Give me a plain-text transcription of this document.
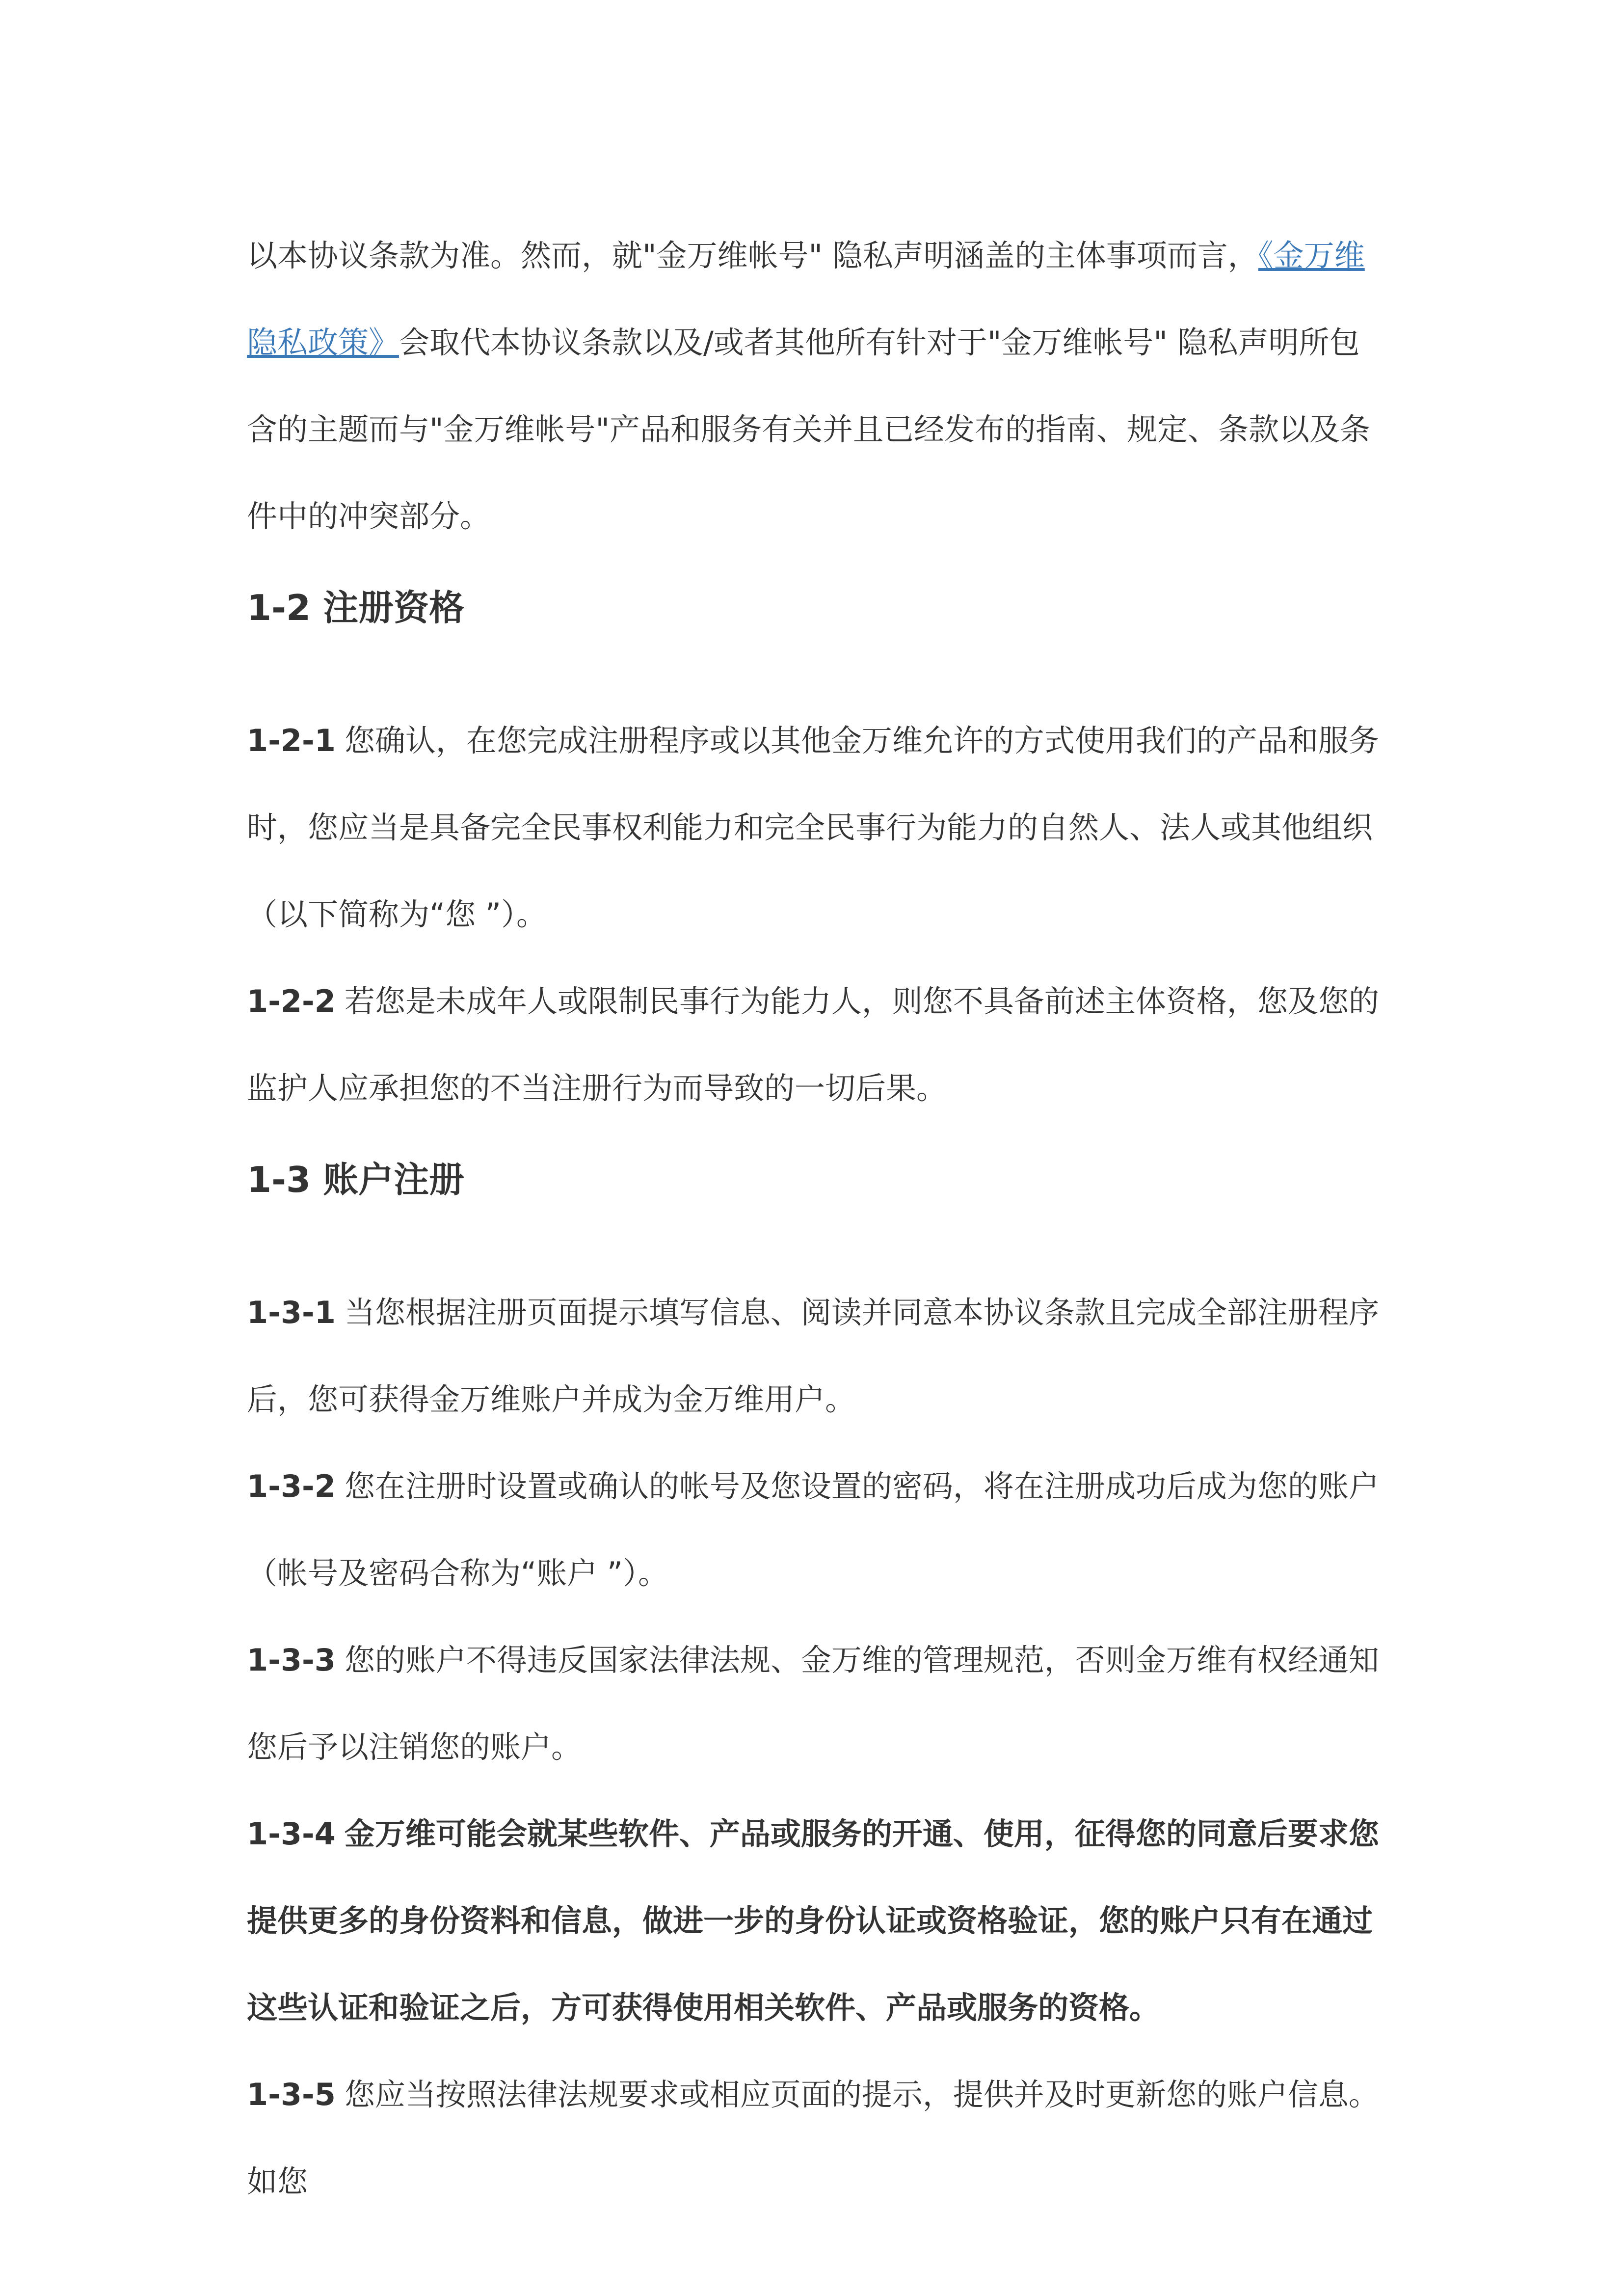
以本协议条款为准。然而，就"金万维帐号" 隐私声明涵盖的主体事项而言，《金万维隐私政策》会取代本协议条款以及/或者其他所有针对于"金万维帐号" 隐私声明所包含的主题而与"金万维帐号"产品和服务有关并且已经发布的指南、规定、条款以及条件中的冲突部分。

1-2 注册资格

1-2-1 您确认，在您完成注册程序或以其他金万维允许的方式使用我们的产品和服务时，您应当是具备完全民事权利能力和完全民事行为能力的自然人、法人或其他组织（以下简称为“您 ”）。

1-2-2 若您是未成年人或限制民事行为能力人，则您不具备前述主体资格，您及您的监护人应承担您的不当注册行为而导致的一切后果。

1-3 账户注册

1-3-1 当您根据注册页面提示填写信息、阅读并同意本协议条款且完成全部注册程序后，您可获得金万维账户并成为金万维用户。

1-3-2 您在注册时设置或确认的帐号及您设置的密码，将在注册成功后成为您的账户（帐号及密码合称为“账户 ”）。

1-3-3 您的账户不得违反国家法律法规、金万维的管理规范，否则金万维有权经通知您后予以注销您的账户。

1-3-4 金万维可能会就某些软件、产品或服务的开通、使用，征得您的同意后要求您提供更多的身份资料和信息，做进一步的身份认证或资格验证，您的账户只有在通过这些认证和验证之后，方可获得使用相关软件、产品或服务的资格。

1-3-5 您应当按照法律法规要求或相应页面的提示，提供并及时更新您的账户信息。如您
